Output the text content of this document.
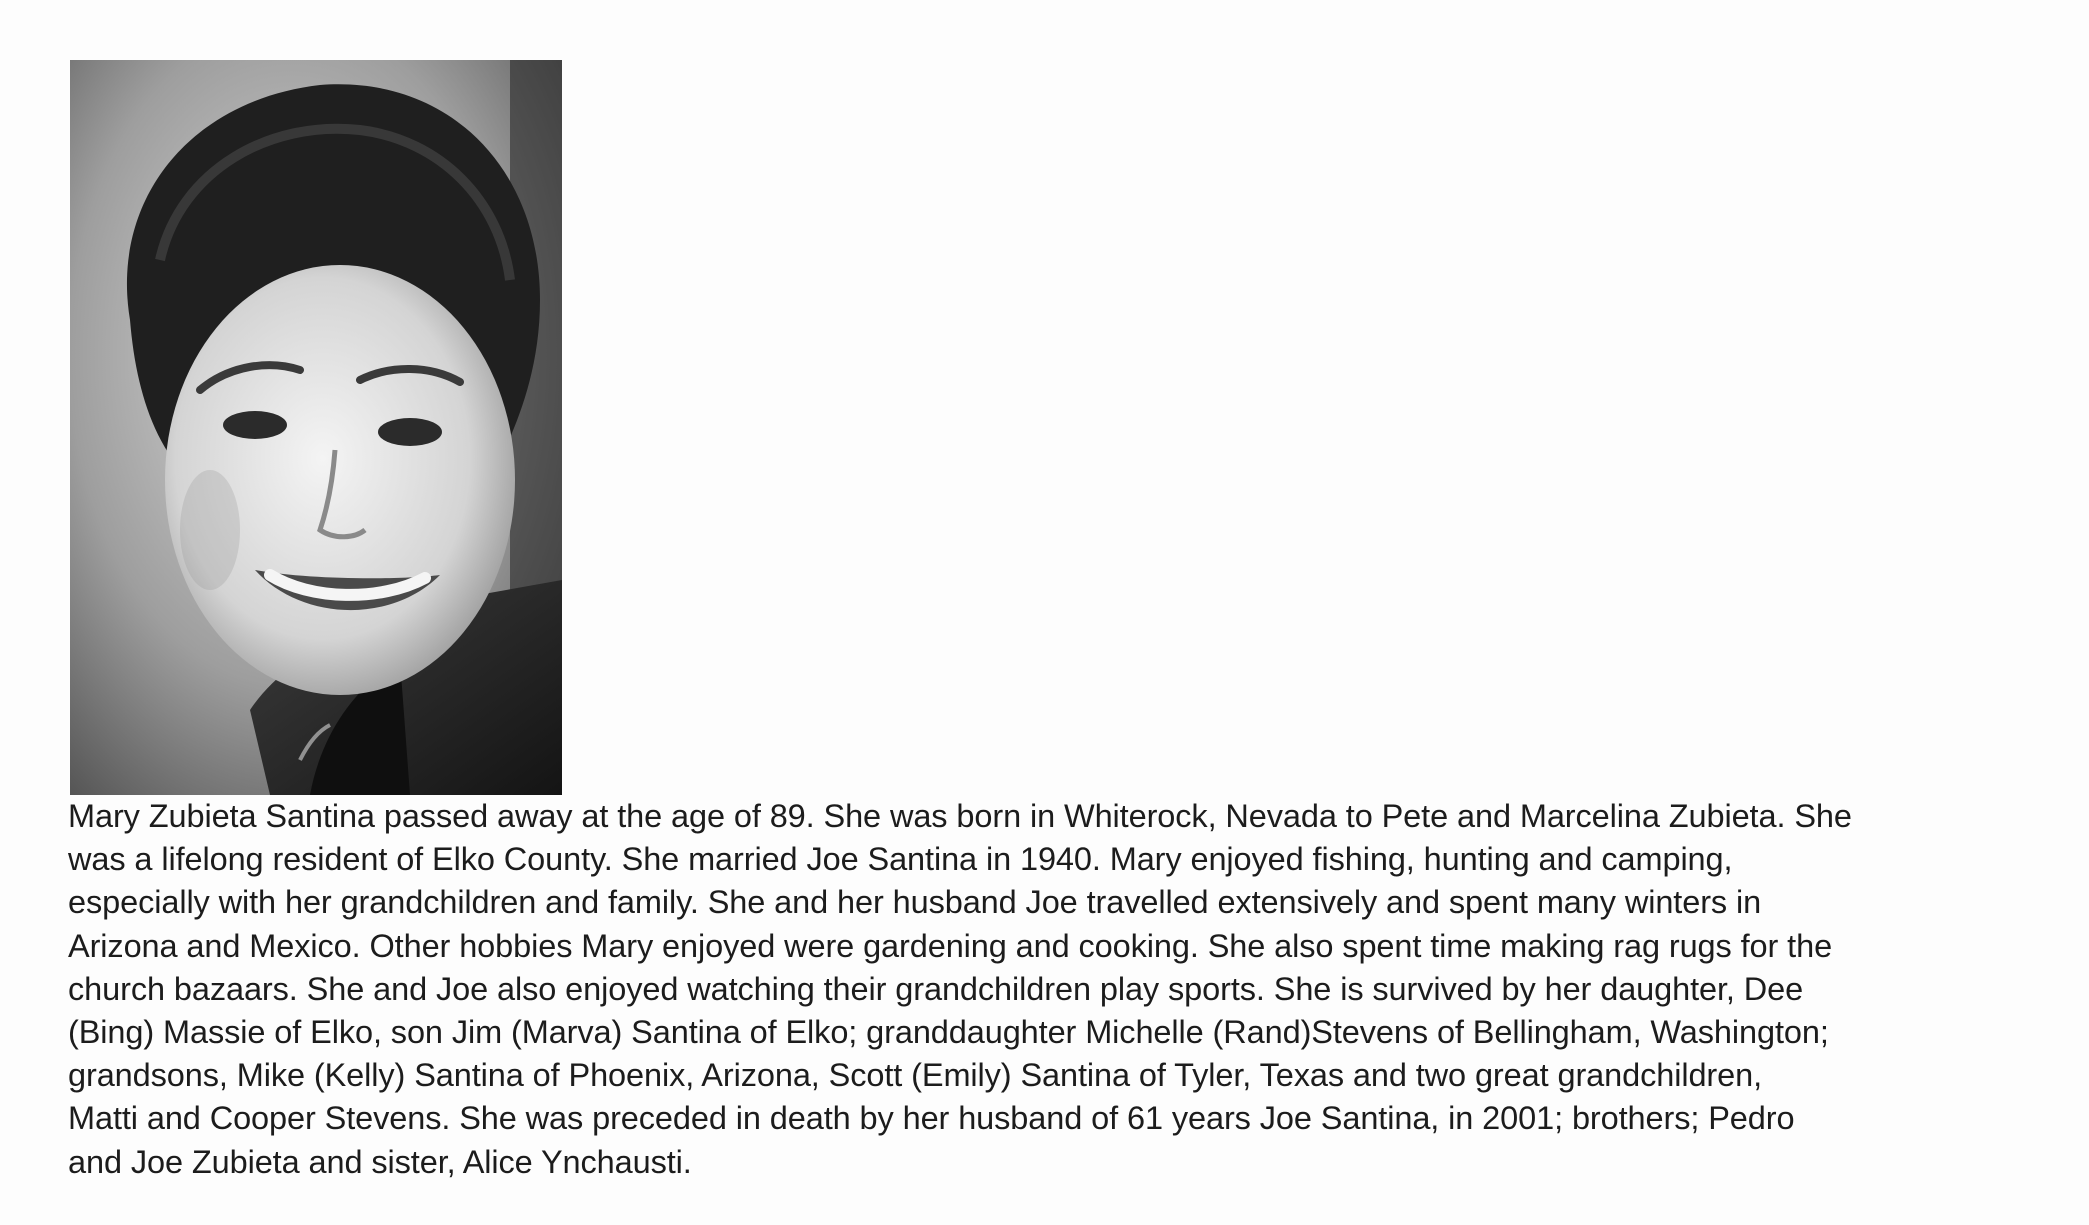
Mary Zubieta Santina passed away at the age of 89. She was born in Whiterock, Nevada to Pete and Marcelina Zubieta. She
was a lifelong resident of Elko County. She married Joe Santina in 1940. Mary enjoyed fishing, hunting and camping,
especially with her grandchildren and family. She and her husband Joe travelled extensively and spent many winters in
Arizona and Mexico. Other hobbies Mary enjoyed were gardening and cooking. She also spent time making rag rugs for the
church bazaars. She and Joe also enjoyed watching their grandchildren play sports. She is survived by her daughter, Dee
(Bing) Massie of Elko, son Jim (Marva) Santina of Elko; granddaughter Michelle (Rand)Stevens of Bellingham, Washington;
grandsons, Mike (Kelly) Santina of Phoenix, Arizona, Scott (Emily) Santina of Tyler, Texas and two great grandchildren,
Matti and Cooper Stevens. She was preceded in death by her husband of 61 years Joe Santina, in 2001; brothers; Pedro
and Joe Zubieta and sister, Alice Ynchausti.
